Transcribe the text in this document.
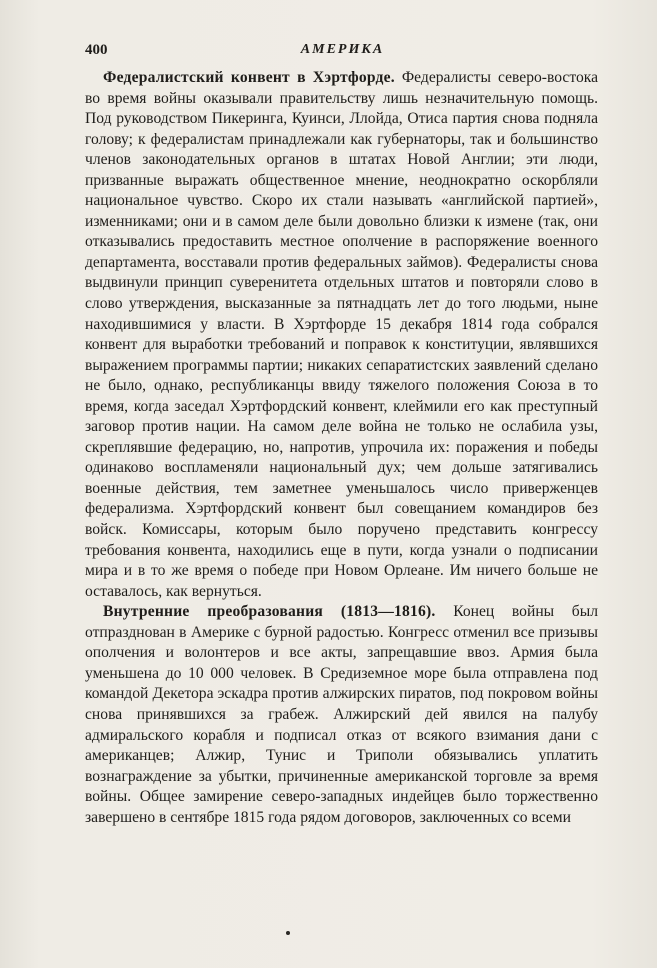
400	АМЕРИКА

Федералистский конвент в Хэртфорде. Федералисты северо-востока во время войны оказывали правительству лишь незначительную помощь. Под руководством Пикеринга, Куинси, Ллойда, Отиса партия снова подняла голову; к федералистам принадлежали как губернаторы, так и большинство членов законодательных органов в штатах Новой Англии; эти люди, призванные выражать общественное мнение, неоднократно оскорбляли национальное чувство. Скоро их стали называть «английской партией», изменниками; они и в самом деле были довольно близки к измене (так, они отказывались предоставить местное ополчение в распоряжение военного департамента, восставали против федеральных займов). Федералисты снова выдвинули принцип суверенитета отдельных штатов и повторяли слово в слово утверждения, высказанные за пятнадцать лет до того людьми, ныне находившимися у власти. В Хэртфорде 15 декабря 1814 года собрался конвент для выработки требований и поправок к конституции, являвшихся выражением программы партии; никаких сепаратистских заявлений сделано не было, однако, республиканцы ввиду тяжелого положения Союза в то время, когда заседал Хэртфордский конвент, клеймили его как преступный заговор против нации. На самом деле война не только не ослабила узы, скреплявшие федерацию, но, напротив, упрочила их: поражения и победы одинаково воспламеняли национальный дух; чем дольше затягивались военные действия, тем заметнее уменьшалось число приверженцев федерализма. Хэртфордский конвент был совещанием командиров без войск. Комиссары, которым было поручено представить конгрессу требования конвента, находились еще в пути, когда узнали о подписании мира и в то же время о победе при Новом Орлеане. Им ничего больше не оставалось, как вернуться.

Внутренние преобразования (1813—1816). Конец войны был отпразднован в Америке с бурной радостью. Конгресс отменил все призывы ополчения и волонтеров и все акты, запрещавшие ввоз. Армия была уменьшена до 10 000 человек. В Средиземное море была отправлена под командой Декетора эскадра против алжирских пиратов, под покровом войны снова принявшихся за грабеж. Алжирский дей явился на палубу адмиральского корабля и подписал отказ от всякого взимания дани с американцев; Алжир, Тунис и Триполи обязывались уплатить вознаграждение за убытки, причиненные американской торговле за время войны. Общее замирение северо-западных индейцев было торжественно завершено в сентябре 1815 года рядом договоров, заключенных со всеми
